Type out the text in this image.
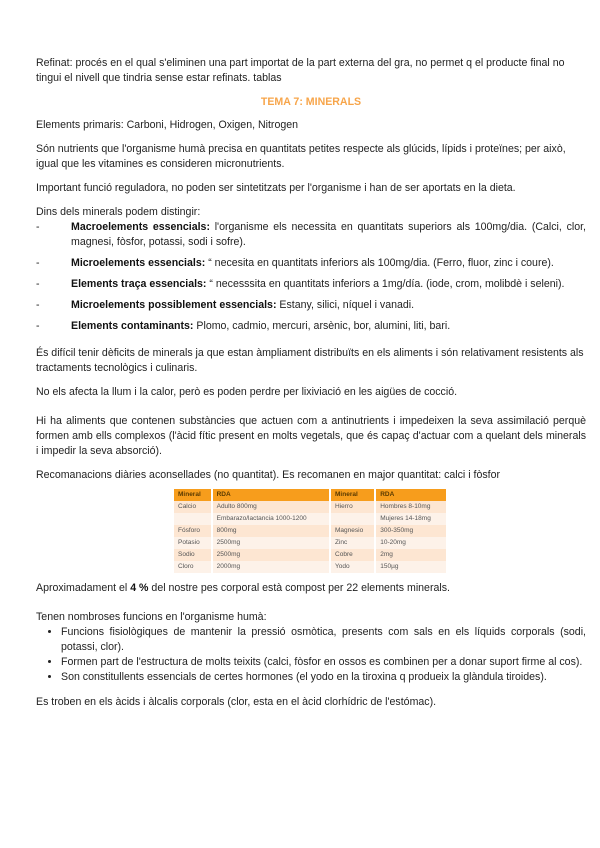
Refinat: procés en el qual s'eliminen una part importat de la part externa del gra, no permet q el producte final no tingui el nivell que tindria sense estar refinats. tablas

TEMA 7: MINERALS

Elements primaris: Carboni, Hidrogen, Oxigen, Nitrogen

Són nutrients que l'organisme humà precisa en quantitats petites respecte als glúcids, lípids i proteïnes; per això, igual que les vitamines es consideren micronutrients.

Important funció reguladora, no poden ser sintetitzats per l'organisme i han de ser aportats en la dieta.

Dins dels minerals podem distingir:

- Macroelements essencials: l'organisme els necessita en quantitats superiors als 100mg/dia. (Calci, clor, magnesi, fòsfor, potassi, sodi i sofre).
- Microelements essencials: “ necesita en quantitats inferiors als 100mg/dia. (Ferro, fluor, zinc i coure).
- Elements traça essencials: “ necesssita en quantitats inferiors a 1mg/día. (iode, crom, molibdè i seleni).
- Microelements possiblement essencials: Estany, silici, níquel i vanadi.
- Elements contaminants: Plomo, cadmio, mercuri, arsènic, bor, alumini, liti, bari.

És difícil tenir dèficits de minerals ja que estan àmpliament distribuïts en els aliments i són relativament resistents als tractaments tecnològics i culinaris.

No els afecta la llum i la calor, però es poden perdre per lixiviació en les aigües de cocció.

Hi ha aliments que contenen substàncies que actuen com a antinutrients i impedeixen la seva assimilació perquè formen amb ells complexos (l'àcid fític present en molts vegetals, que és capaç d'actuar com a quelant dels minerals i impedir la seva absorció).

Recomanacions diàries aconsellades (no quantitat). Es recomanen en major quantitat: calci i fòsfor

Mineral	RDA	Mineral	RDA
Calcio	Adulto 800mg	Hierro	Hombres 8-10mg
	Embarazo/lactancia 1000-1200		Mujeres 14-18mg
Fósforo	800mg	Magnesio	300-350mg
Potasio	2500mg	Zinc	10-20mg
Sodio	2500mg	Cobre	2mg
Cloro	2000mg	Yodo	150µg

Aproximadament el 4 % del nostre pes corporal està compost per 22 elements minerals.

Tenen nombroses funcions en l'organisme humà:

• Funcions fisiològiques de mantenir la pressió osmòtica, presents com sals en els líquids corporals (sodi, potassi, clor).
• Formen part de l'estructura de molts teixits (calci, fòsfor en ossos es combinen per a donar suport firme al cos).
• Son constitullents essencials de certes hormones (el yodo en la tiroxina q produeix la glàndula tiroides).

Es troben en els àcids i àlcalis corporals (clor, esta en el àcid clorhídric de l'estómac).
